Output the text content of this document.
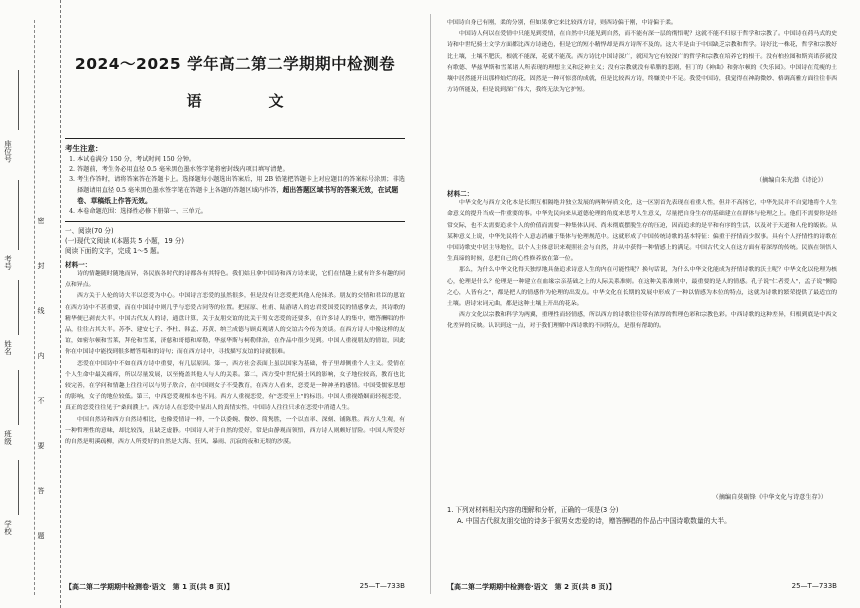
座位号
考号
姓名
班级
学校
密
封
线
内
不
要
答
题
2024～2025 学年高二第二学期期中检测卷
语　文
考生注意：
1. 本试卷满分 150 分，考试时间 150 分钟。
2. 答题前，考生务必用直径 0.5 毫米黑色墨水签字笔将密封线内项目填写清楚。
3. 考生作答时，请将答案答在答题卡上。选择题每小题选出答案后，用 2B 铅笔把答题卡上对应题目的答案标号涂黑；非选择题请用直径 0.5 毫米黑色墨水签字笔在答题卡上各题的答题区域内作答，超出答题区域书写的答案无效，在试题卷、草稿纸上作答无效。
4. 本卷命题范围：选择性必修下册第一、三单元。

一、阅读(70 分)

(一)现代文阅读 Ⅰ(本题共 5 小题，19 分)

阅读下面的文字，完成 1～5 题。

材料一：

诗的情趣随时随地而异，各民族各时代的诗都各有其特色。我们姑且拿中国诗和西方诗来说，它们在情趣上就有许多有趣的同点和异点。

西方关于人伦的诗大半以恋爱为中心。中国诗言恋爱的虽然很多，但是没有让恋爱把其他人伦抹杀。朋友的交情和君臣的恩谊在西方诗中不甚重要，而在中国诗中则几乎与恋爱占同等的位置。把屈原、杜甫、陆游诸人的忠君爱国爱民的情感拿去，其诗歌的精华便已剥丧大半。中国古代友人的诗，通盘计算，关于友朋交谊的比关于男女恋爱的还要多，在许多诗人的集中，赠答酬唱的作品，往往占其大半。苏李、建安七子、李杜、韩孟、苏黄、纳兰成德与顾贞观诸人的交谊古今传为美谈。在西方诗人中像这样的友谊，如密尔顿和雪莱，拜伦和雪莱，济慈和哥德和席勒，华兹华斯与柯勒律治，在作品中很少见到。中国人重视朋友的情谊，因此你在中国诗中能找到很多赠答唱和的诗句；而在西方诗中，寻找描写友谊的诗就很难。

恋爱在中国诗中不如在西方诗中重要，有几层原因。第一，西方社会表面上虽以国家为基础，骨子里却侧重个人主义。爱情在个人生命中最关痛痒，所以尽量发展，以至掩盖其他人与人的关系。第二，西方受中世纪骑士风的影响，女子地位较高，教育也比较完善，在学问和情趣上往往可以与男子欣合，在中国则女子不受教育，在西方人看来，恋爱是一种神圣的感情。中国受儒家思想的影响，女子的地位较低。第三，中西恋爱观根本也不同。西方人重视恋爱，有"恋爱至上"的标语。中国人重视婚姻而轻视恋爱，真正的恋爱往往见于"桑间濮上"。西方诗人在恋爱中显出人的真情实性，中国诗人往往只求在恋爱中消遣人生。

中国自然诗和西方自然诗相比，也像爱情诗一样，一个以委婉、微妙、简隽胜，一个以直率、深刻、铺陈胜。西方人生观，有一种哲理性的意味，却比较浅，且缺乏虚静。中国诗人对于自然的爱好，常是由静观而领悟，西方诗人则颇好冒险。中国人所爱好的自然是明溪疏柳，西方人所爱好的自然是大海、狂风、暴雨、沉寂的夜和无垠的沙漠。

【高二第二学期期中检测卷·语文　第 1 页(共 8 页)】	25—T—733B

中国诗自身已有刚，柔的分别，但如果拿它来比较西方诗，则西诗偏于刚，中诗偏于柔。

中国诗人何以在爱情中只能见到爱情，在自然中只能见到自然，而不能有深一层的彻悟呢？这就不能不归原于哲学和宗教了。中国诗在荷马式的史诗和中世纪骑士文学方面都比西方诗逊色，但是它的短小精悍却是西方诗所不及的。这大半是由于中国缺乏宗教和哲学。诗好比一株花，哲学和宗教好比土壤，土壤不肥沃，根就不能深，花就不能茂。西方诗比中国诗深广，就因为它有较深广的哲学和宗教在培养它的根干。没有柏拉图和斯宾诺莎就没有歌德、华兹华斯和雪莱诸人所表现的理想主义和泛神主义；没有宗教就没有希腊的悲剧，但丁的《神曲》和弥尔顿的《失乐园》。中国诗在荒瘦的土壤中居然能开出那样灿烂的花，固然是一种可惊喜的成就，但是比较西方诗，终嫌美中不足。我爱中国诗，我觉得在神韵微妙、格调高雅方面往往非西方诗所能及，但是说到深广伟大，我终无法为它护短。

（摘编自朱光潜《诗论》）

材料二：

中华文化与西方文化本是长期互相隔绝并独立发展的两种异质文化，这一区别首先表现在看重人性，但并不高扬它，中华先民并不自觉地将个人生命意义的提升当成一件重要的事。中华先民向来从道德伦理的角度来思考人生意义，尽量把自身生存的基础建立在群体与伦理之上。他们不需要你是经常交际，也不太需要追求个人的价值而需要一种集体认同、尚未彻底摆脱生存的压迫，因而追求的是平和有序的生活，以及对于天道和人伦的皈依。从某种意义上说，中华先民将个人意志消融于集体与伦理规范中。这就形成了中国传统诗歌的基本特征：偏重于抒情而少叙事。具有个人抒情性的诗歌在中国诗歌史中居主导地位，以个人主体意识来观照社会与自然，并从中获得一种情感上的满足。中国古代文人在这方面有着深厚的传统。民族在领悟人生真谛的时候，总把自己的心性修养放在第一位。

那么，为什么中华文化得天独厚地具备追求诗意人生的内在可能性呢？换句话说，为什么中华文化能成为抒情诗歌的沃土呢？中华文化以伦理为核心，伦理是什么？伦理是一种建立在血缘宗亲基础之上的人际关系准则。在这种关系准则中，最重要的是人的情感。孔子说"仁者爱人"，孟子说"恻隐之心，人皆有之"，都是把人的情感作为伦理的出发点。中华文化在长期的发展中形成了一种以情感为本位的特点，这就为诗歌的繁荣提供了最适宜的土壤。唐诗宋词元曲，都是这种土壤上开出的花朵。

西方文化以宗教和科学为两翼，重理性而轻情感，所以西方的诗歌往往带有浓厚的哲理色彩和宗教色彩。中西诗歌的这种差异，归根到底是中西文化差异的反映。认识到这一点，对于我们理解中西诗歌的不同特点，是很有帮助的。

（摘编自莫砺锋《中华文化与诗意生存》）

1. 下列对材料相关内容的理解和分析，正确的一项是(3 分)

A. 中国古代叙友朋交谊的诗多于叙男女恋爱的诗，赠答酬唱的作品占中国诗歌数量的大半。

【高二第二学期期中检测卷·语文　第 2 页(共 8 页)】	25—T—733B
